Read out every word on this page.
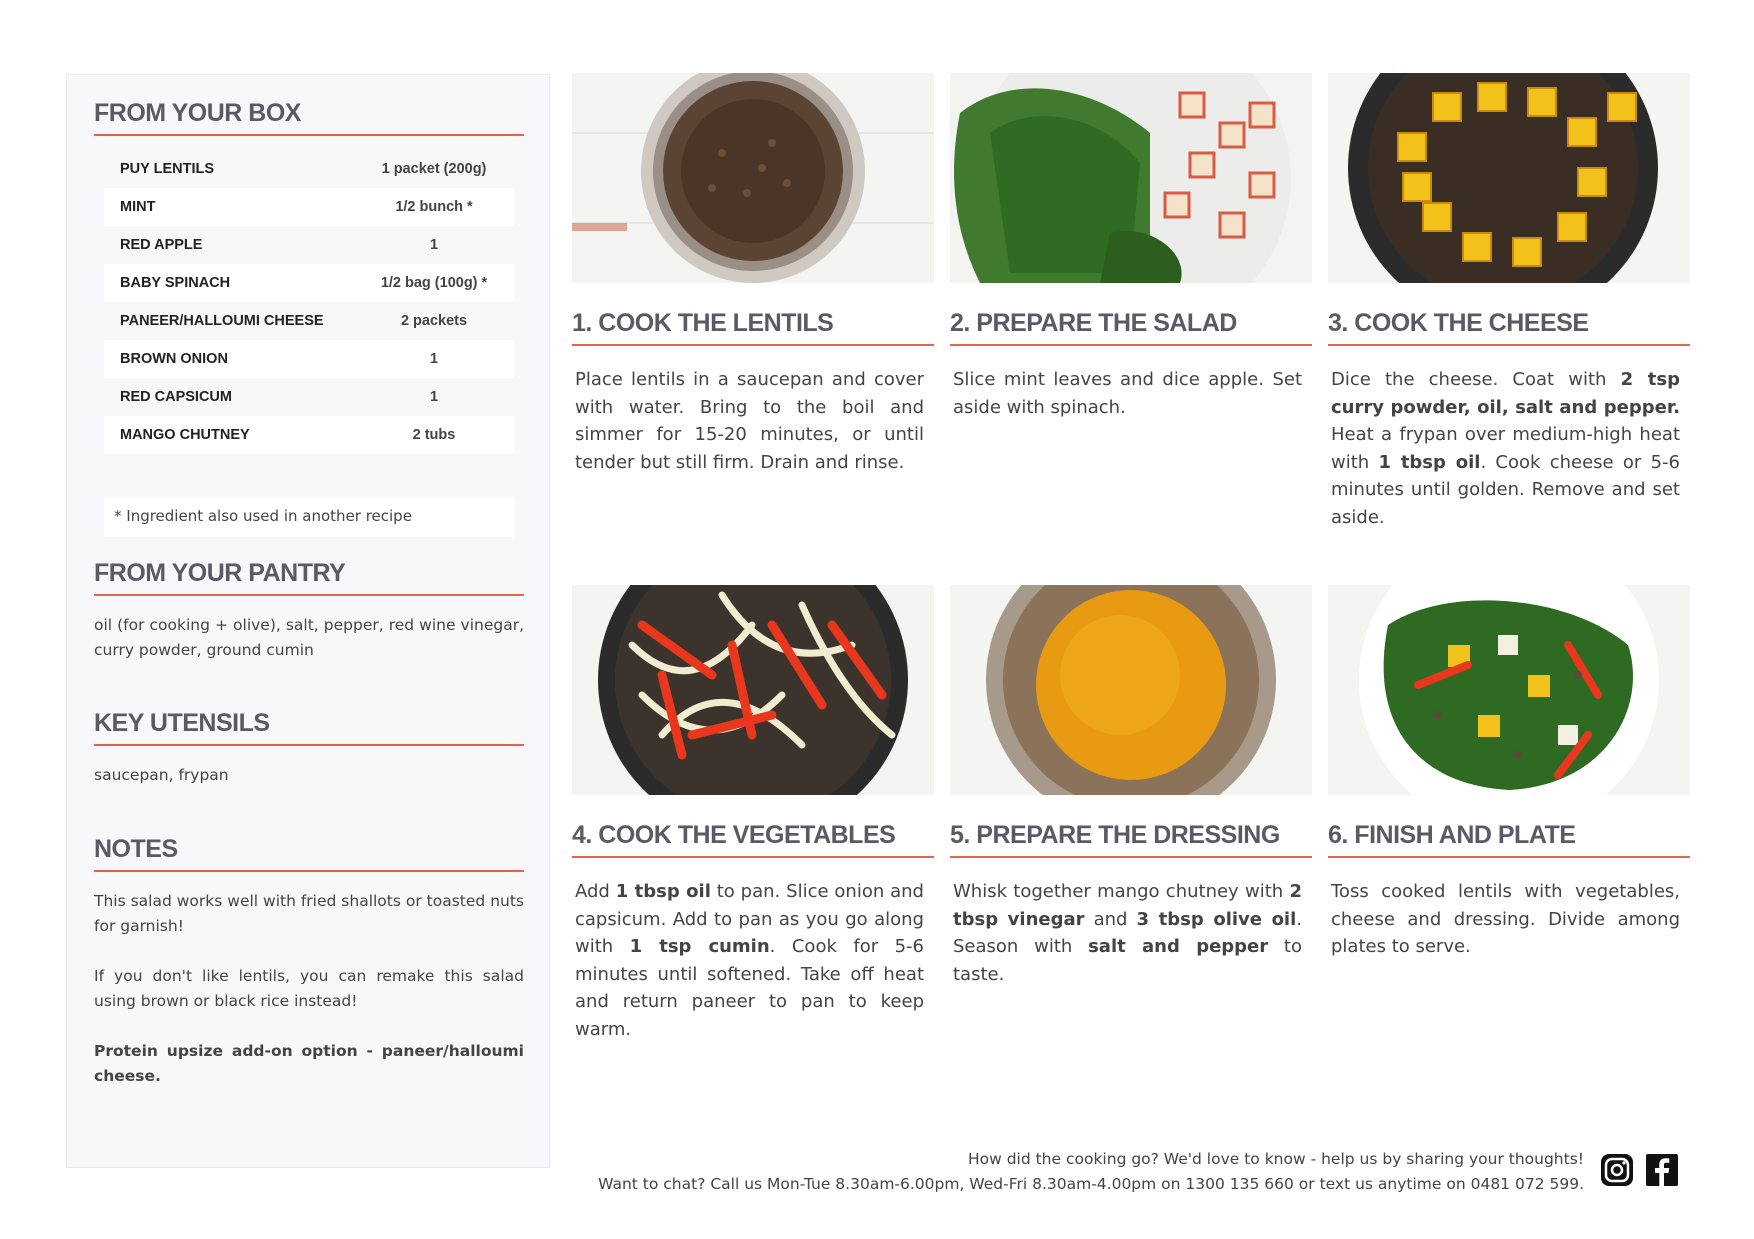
FROM YOUR BOX
PUY LENTILS	1 packet (200g)
MINT	1/2 bunch *
RED APPLE	1
BABY SPINACH	1/2 bag (100g) *
PANEER/HALLOUMI CHEESE	2 packets
BROWN ONION	1
RED CAPSICUM	1
MANGO CHUTNEY	2 tubs
* Ingredient also used in another recipe
FROM YOUR PANTRY
oil (for cooking + olive), salt, pepper, red wine vinegar, curry powder, ground cumin
KEY UTENSILS
saucepan, frypan
NOTES
This salad works well with fried shallots or toasted nuts for garnish!
If you don't like lentils, you can remake this salad using brown or black rice instead!
Protein upsize add-on option - paneer/halloumi cheese.
1. COOK THE LENTILS
Place lentils in a saucepan and cover with water. Bring to the boil and simmer for 15-20 minutes, or until tender but still firm. Drain and rinse.
2. PREPARE THE SALAD
Slice mint leaves and dice apple. Set aside with spinach.
3. COOK THE CHEESE
Dice the cheese. Coat with 2 tsp curry powder, oil, salt and pepper. Heat a frypan over medium-high heat with 1 tbsp oil. Cook cheese or 5-6 minutes until golden. Remove and set aside.
4. COOK THE VEGETABLES
Add 1 tbsp oil to pan. Slice onion and capsicum. Add to pan as you go along with 1 tsp cumin. Cook for 5-6 minutes until softened. Take off heat and return paneer to pan to keep warm.
5. PREPARE THE DRESSING
Whisk together mango chutney with 2 tbsp vinegar and 3 tbsp olive oil. Season with salt and pepper to taste.
6. FINISH AND PLATE
Toss cooked lentils with vegetables, cheese and dressing. Divide among plates to serve.
How did the cooking go? We'd love to know - help us by sharing your thoughts!
Want to chat? Call us Mon-Tue 8.30am-6.00pm, Wed-Fri 8.30am-4.00pm on 1300 135 660 or text us anytime on 0481 072 599.
